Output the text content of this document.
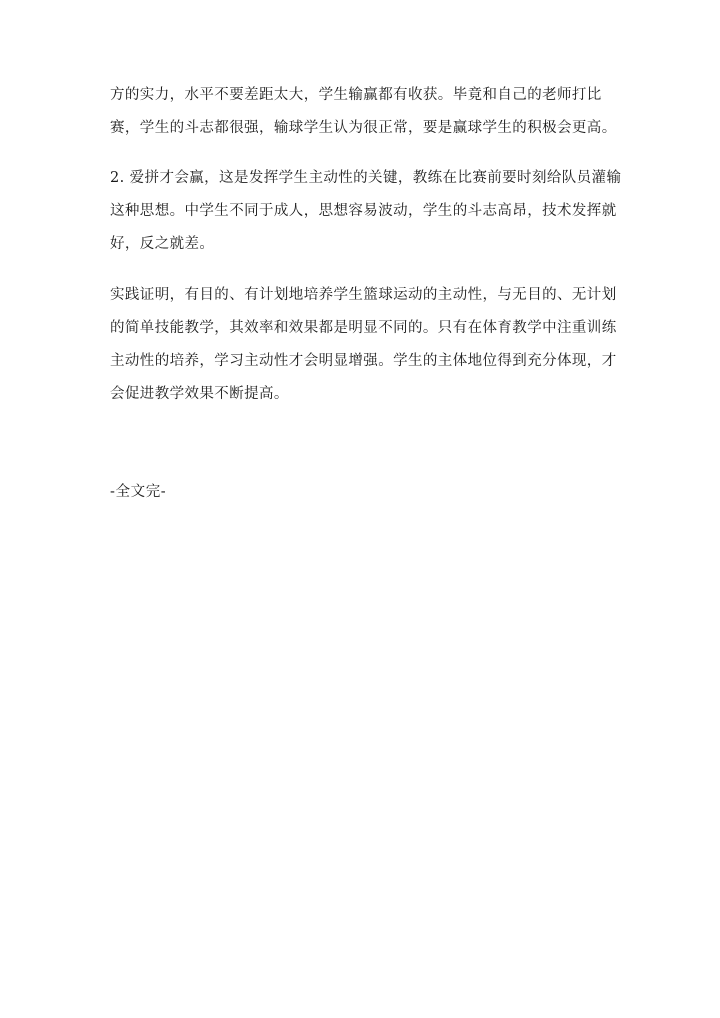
方的实力，水平不要差距太大，学生输赢都有收获。毕竟和自己的老师打比
赛，学生的斗志都很强，输球学生认为很正常，要是赢球学生的积极会更高。
2. 爱拼才会赢，这是发挥学生主动性的关键，教练在比赛前要时刻给队员灌输
这种思想。中学生不同于成人，思想容易波动，学生的斗志高昂，技术发挥就
好，反之就差。
实践证明，有目的、有计划地培养学生篮球运动的主动性，与无目的、无计划
的简单技能教学，其效率和效果都是明显不同的。只有在体育教学中注重训练
主动性的培养，学习主动性才会明显增强。学生的主体地位得到充分体现，才
会促进教学效果不断提高。

-全文完-
